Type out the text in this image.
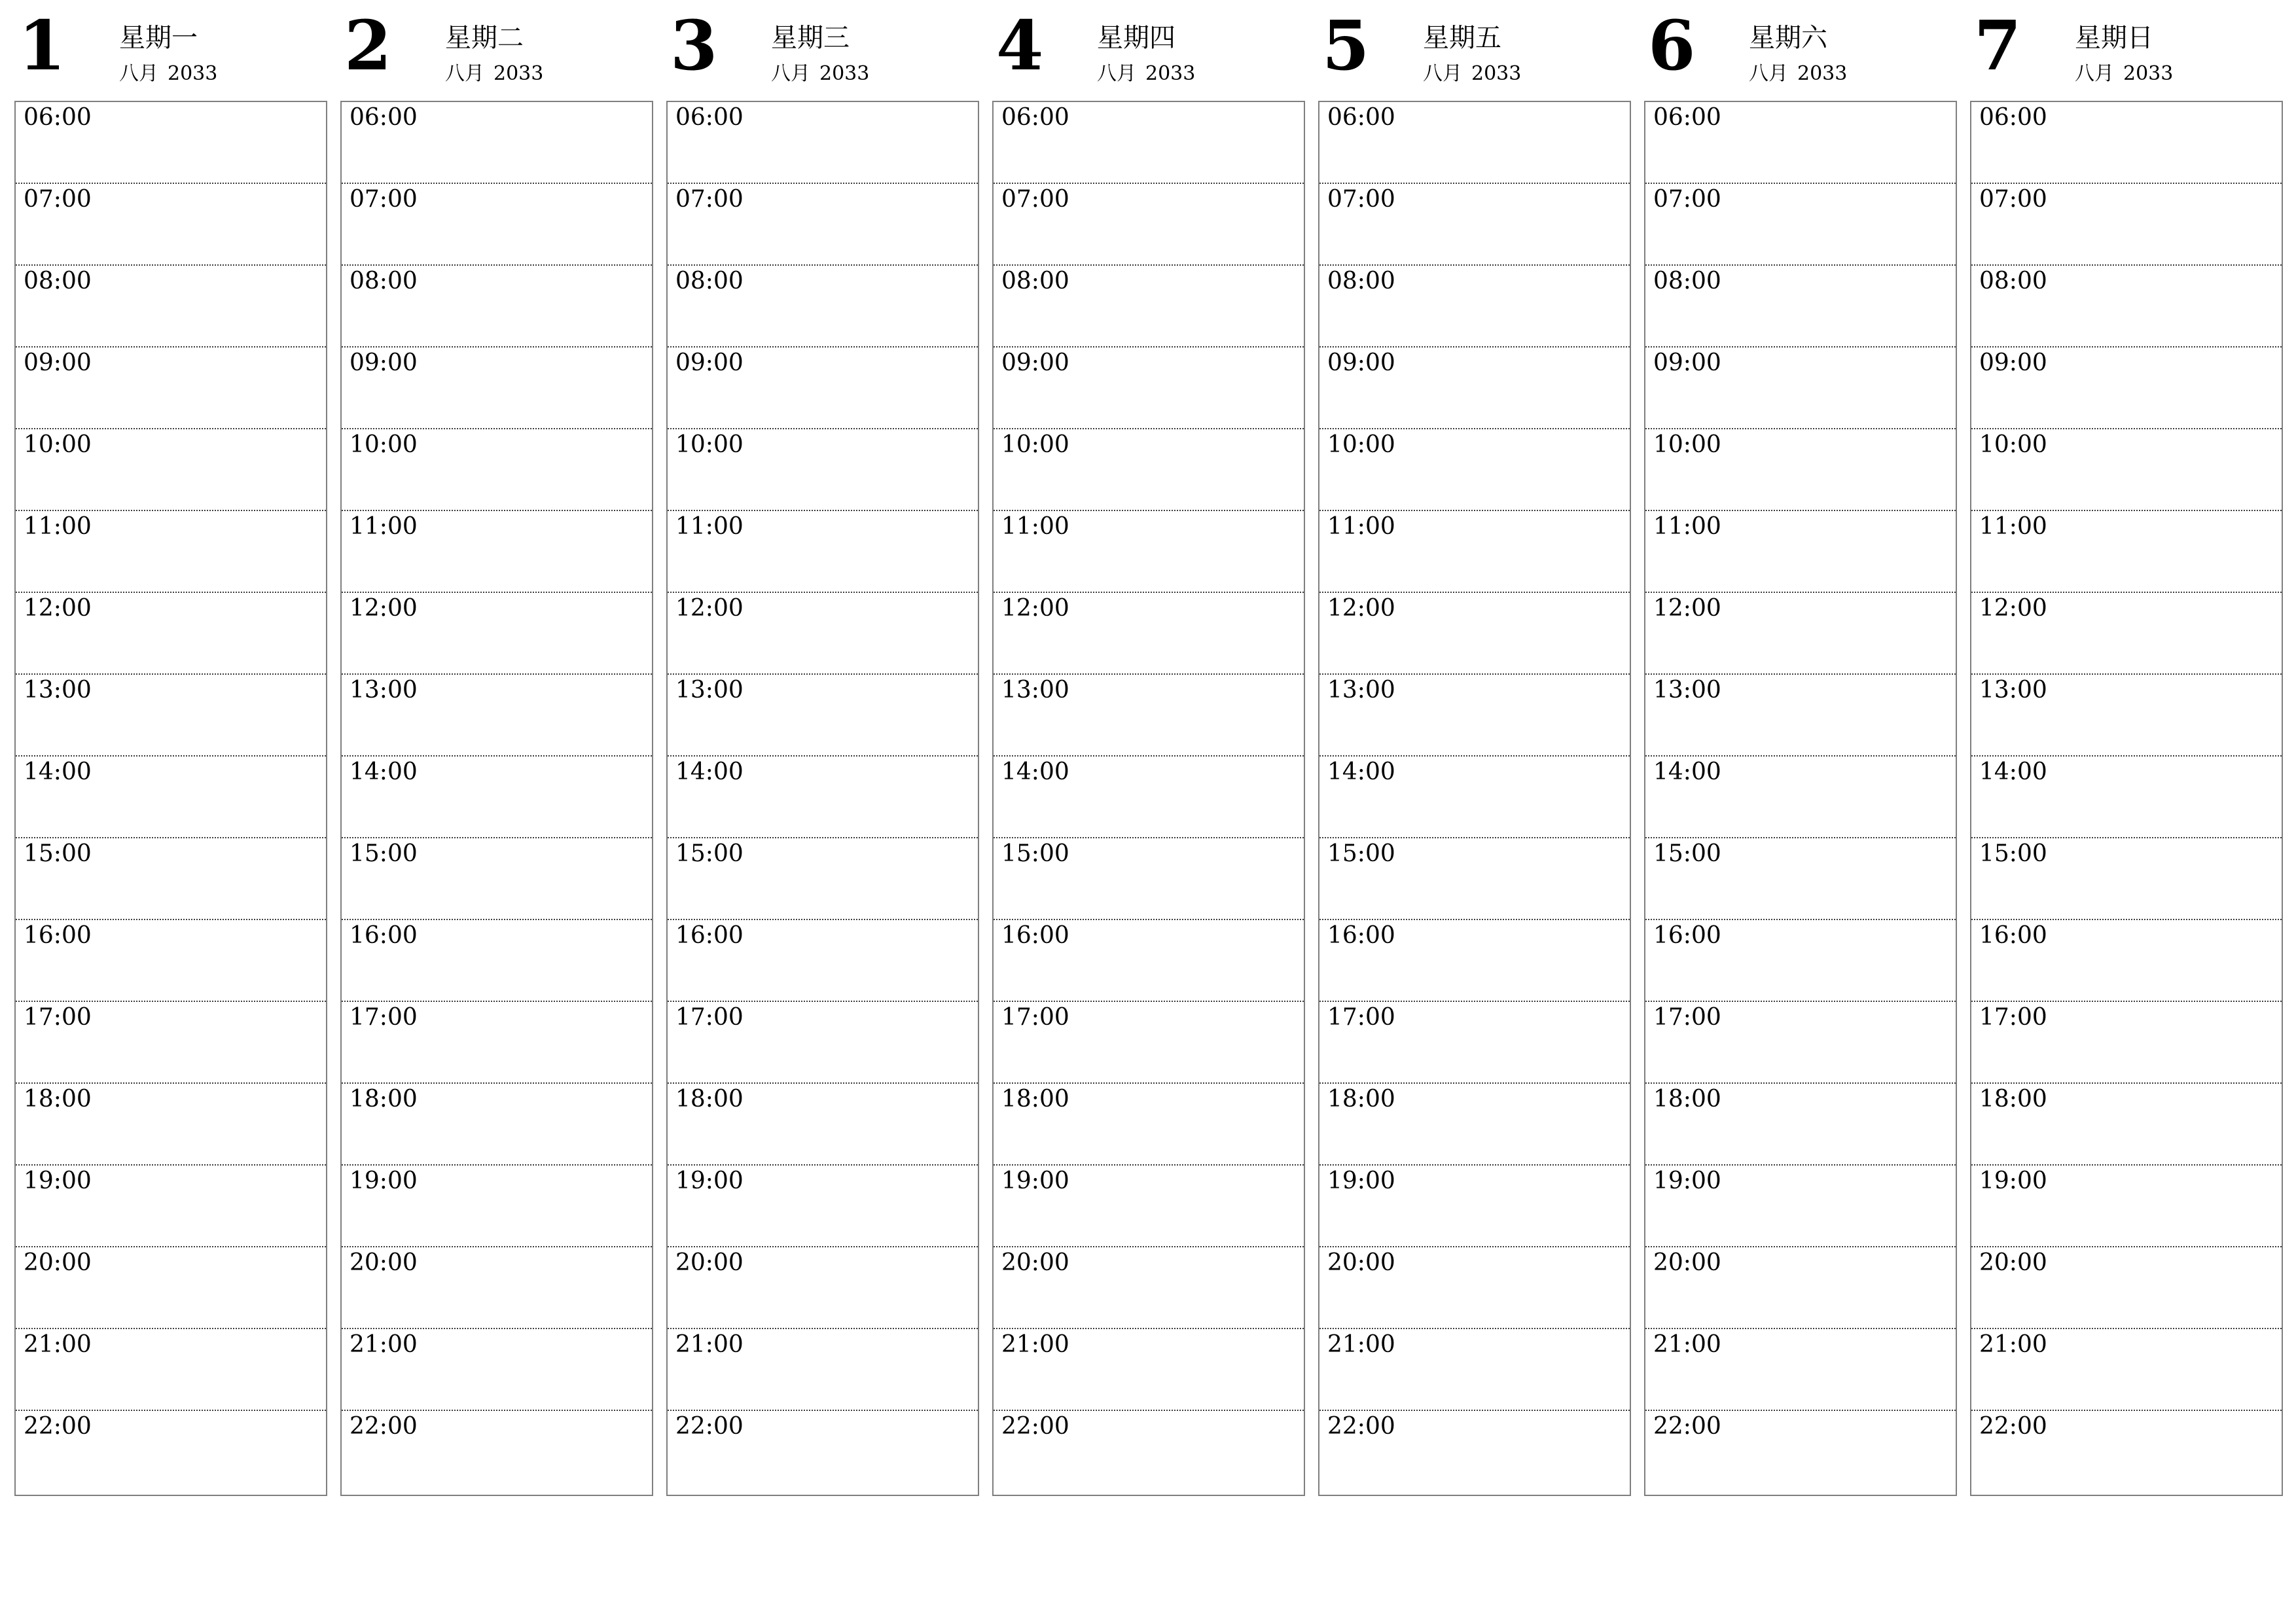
1 星期一
八月 2033
06:00
07:00
08:00
09:00
10:00
11:00
12:00
13:00
14:00
15:00
16:00
17:00
18:00
19:00
20:00
21:00
22:00
2 星期二
八月 2033
06:00
07:00
08:00
09:00
10:00
11:00
12:00
13:00
14:00
15:00
16:00
17:00
18:00
19:00
20:00
21:00
22:00
3 星期三
八月 2033
06:00
07:00
08:00
09:00
10:00
11:00
12:00
13:00
14:00
15:00
16:00
17:00
18:00
19:00
20:00
21:00
22:00
4 星期四
八月 2033
06:00
07:00
08:00
09:00
10:00
11:00
12:00
13:00
14:00
15:00
16:00
17:00
18:00
19:00
20:00
21:00
22:00
5 星期五
八月 2033
06:00
07:00
08:00
09:00
10:00
11:00
12:00
13:00
14:00
15:00
16:00
17:00
18:00
19:00
20:00
21:00
22:00
6 星期六
八月 2033
06:00
07:00
08:00
09:00
10:00
11:00
12:00
13:00
14:00
15:00
16:00
17:00
18:00
19:00
20:00
21:00
22:00
7 星期日
八月 2033
06:00
07:00
08:00
09:00
10:00
11:00
12:00
13:00
14:00
15:00
16:00
17:00
18:00
19:00
20:00
21:00
22:00
